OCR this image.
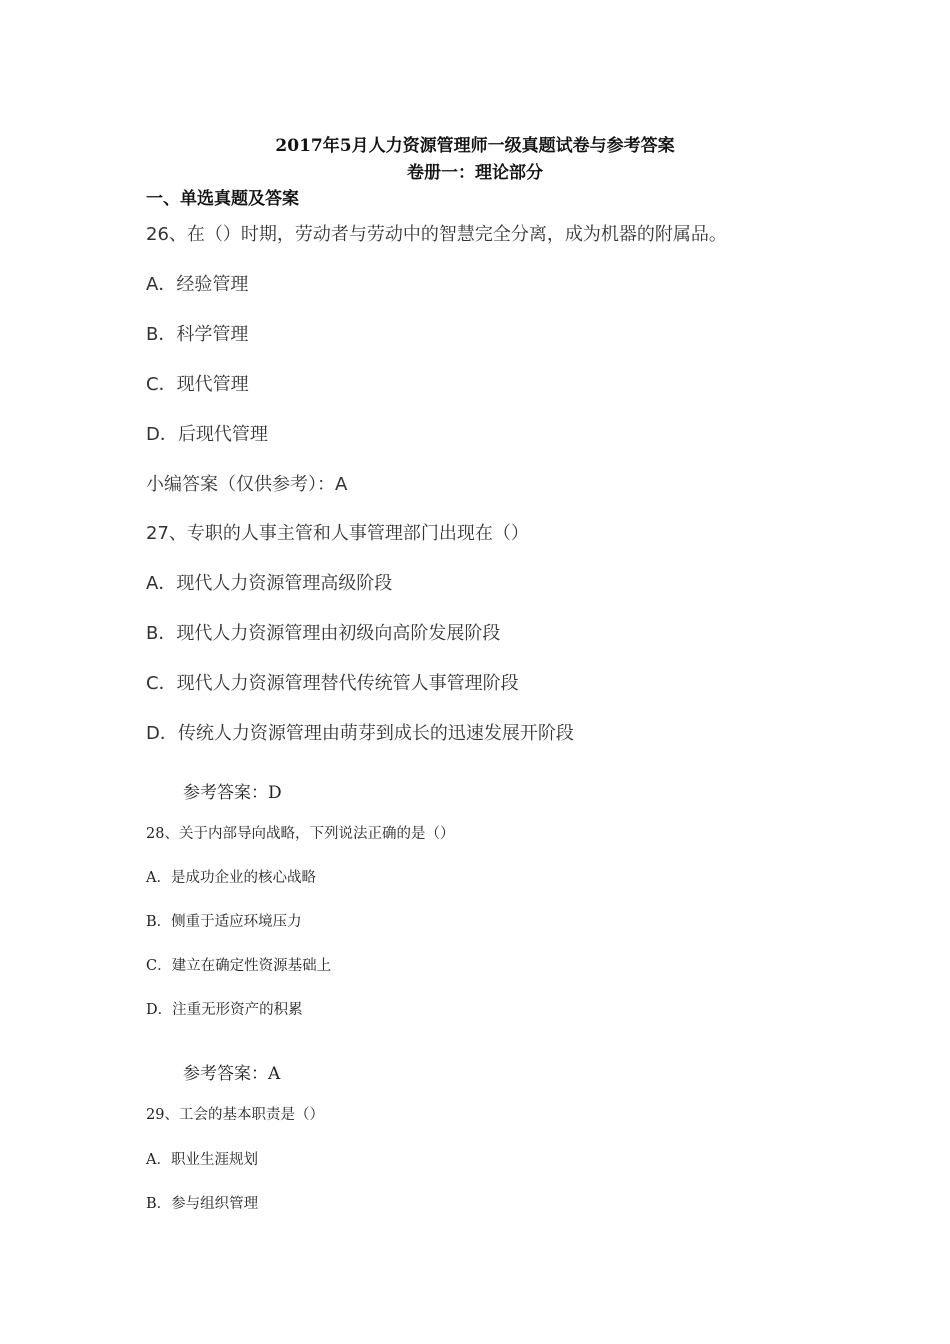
2017年5月人力资源管理师一级真题试卷与参考答案
卷册一：理论部分
一、单选真题及答案
26、在（）时期，劳动者与劳动中的智慧完全分离，成为机器的附属品。
A．经验管理
B．科学管理
C．现代管理
D．后现代管理
小编答案（仅供参考）：A
27、专职的人事主管和人事管理部门出现在（）
A．现代人力资源管理高级阶段
B．现代人力资源管理由初级向高阶发展阶段
C．现代人力资源管理替代传统管人事管理阶段
D．传统人力资源管理由萌芽到成长的迅速发展开阶段
参考答案：D
28、关于内部导向战略，下列说法正确的是（）
A．是成功企业的核心战略
B．侧重于适应环境压力
C．建立在确定性资源基础上
D．注重无形资产的积累
参考答案：A
29、工会的基本职责是（）
A．职业生涯规划
B．参与组织管理
